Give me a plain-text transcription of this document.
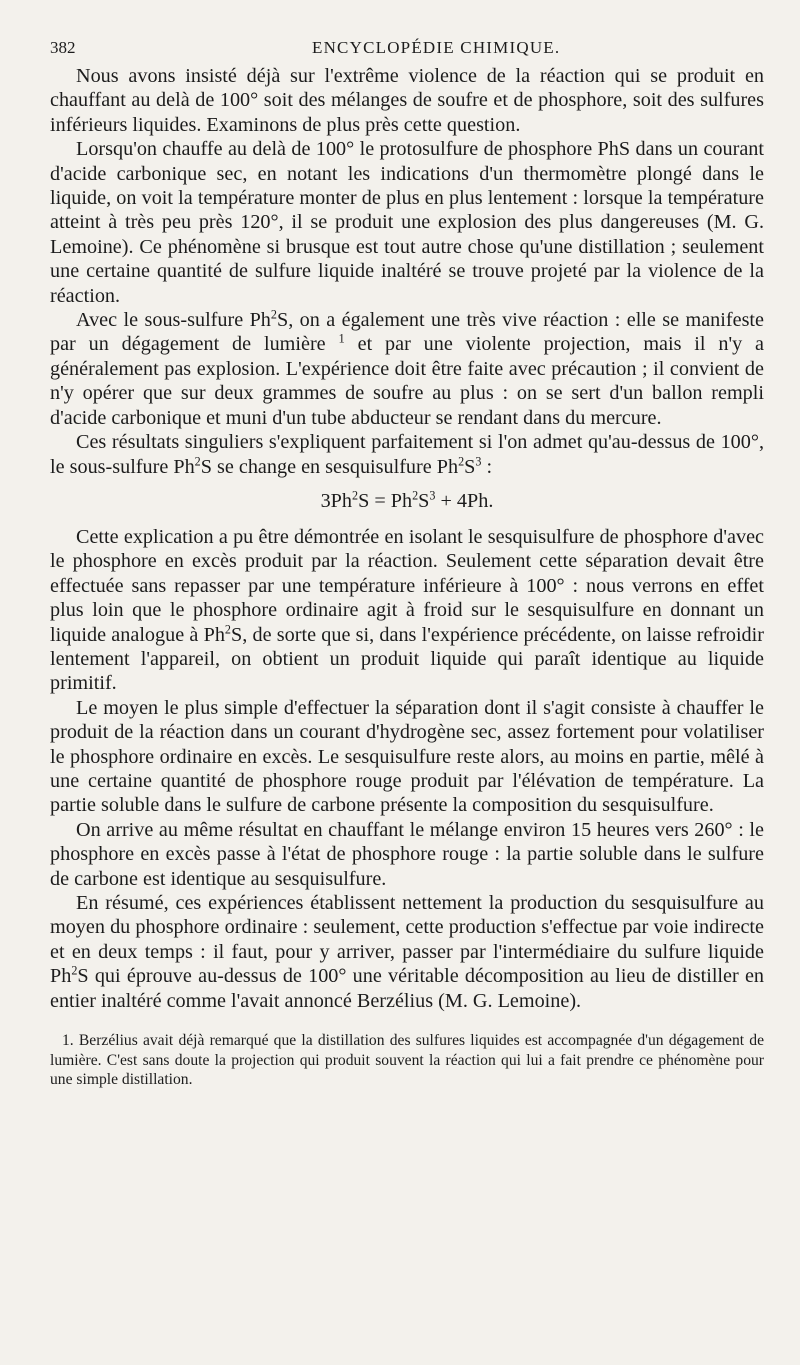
382	ENCYCLOPÉDIE CHIMIQUE.

Nous avons insisté déjà sur l'extrême violence de la réaction qui se produit en chauffant au delà de 100° soit des mélanges de soufre et de phosphore, soit des sulfures inférieurs liquides. Examinons de plus près cette question.

Lorsqu'on chauffe au delà de 100° le protosulfure de phosphore PhS dans un courant d'acide carbonique sec, en notant les indications d'un thermomètre plongé dans le liquide, on voit la température monter de plus en plus lentement : lorsque la température atteint à très peu près 120°, il se produit une explosion des plus dangereuses (M. G. Lemoine). Ce phénomène si brusque est tout autre chose qu'une distillation ; seulement une certaine quantité de sulfure liquide inaltéré se trouve projeté par la violence de la réaction.

Avec le sous-sulfure Ph$^2$S, on a également une très vive réaction : elle se manifeste par un dégagement de lumière $^1$ et par une violente projection, mais il n'y a généralement pas explosion. L'expérience doit être faite avec précaution ; il convient de n'y opérer que sur deux grammes de soufre au plus : on se sert d'un ballon rempli d'acide carbonique et muni d'un tube abducteur se rendant dans du mercure.

Ces résultats singuliers s'expliquent parfaitement si l'on admet qu'au-dessus de 100°, le sous-sulfure Ph$^2$S se change en sesquisulfure $Ph^2S^3$ :

$3Ph^2S = Ph^2S^3 + 4Ph$.

Cette explication a pu être démontrée en isolant le sesquisulfure de phosphore d'avec le phosphore en excès produit par la réaction. Seulement cette séparation devait être effectuée sans repasser par une température inférieure à 100° : nous verrons en effet plus loin que le phosphore ordinaire agit à froid sur le sesquisulfure en donnant un liquide analogue à Ph$^2$S, de sorte que si, dans l'expérience précédente, on laisse refroidir lentement l'appareil, on obtient un produit liquide qui paraît identique au liquide primitif.

Le moyen le plus simple d'effectuer la séparation dont il s'agit consiste à chauffer le produit de la réaction dans un courant d'hydrogène sec, assez fortement pour volatiliser le phosphore ordinaire en excès. Le sesquisulfure reste alors, au moins en partie, mêlé à une certaine quantité de phosphore rouge produit par l'élévation de température. La partie soluble dans le sulfure de carbone présente la composition du sesquisulfure.

On arrive au même résultat en chauffant le mélange environ 15 heures vers 260° : le phosphore en excès passe à l'état de phosphore rouge : la partie soluble dans le sulfure de carbone est identique au sesquisulfure.

En résumé, ces expériences établissent nettement la production du sesquisulfure au moyen du phosphore ordinaire : seulement, cette production s'effectue par voie indirecte et en deux temps : il faut, pour y arriver, passer par l'intermédiaire du sulfure liquide Ph$^2$S qui éprouve au-dessus de 100° une véritable décomposition au lieu de distiller en entier inaltéré comme l'avait annoncé Berzélius (M. G. Lemoine).

1. Berzélius avait déjà remarqué que la distillation des sulfures liquides est accompagnée d'un dégagement de lumière. C'est sans doute la projection qui produit souvent la réaction qui lui a fait prendre ce phénomène pour une simple distillation.
